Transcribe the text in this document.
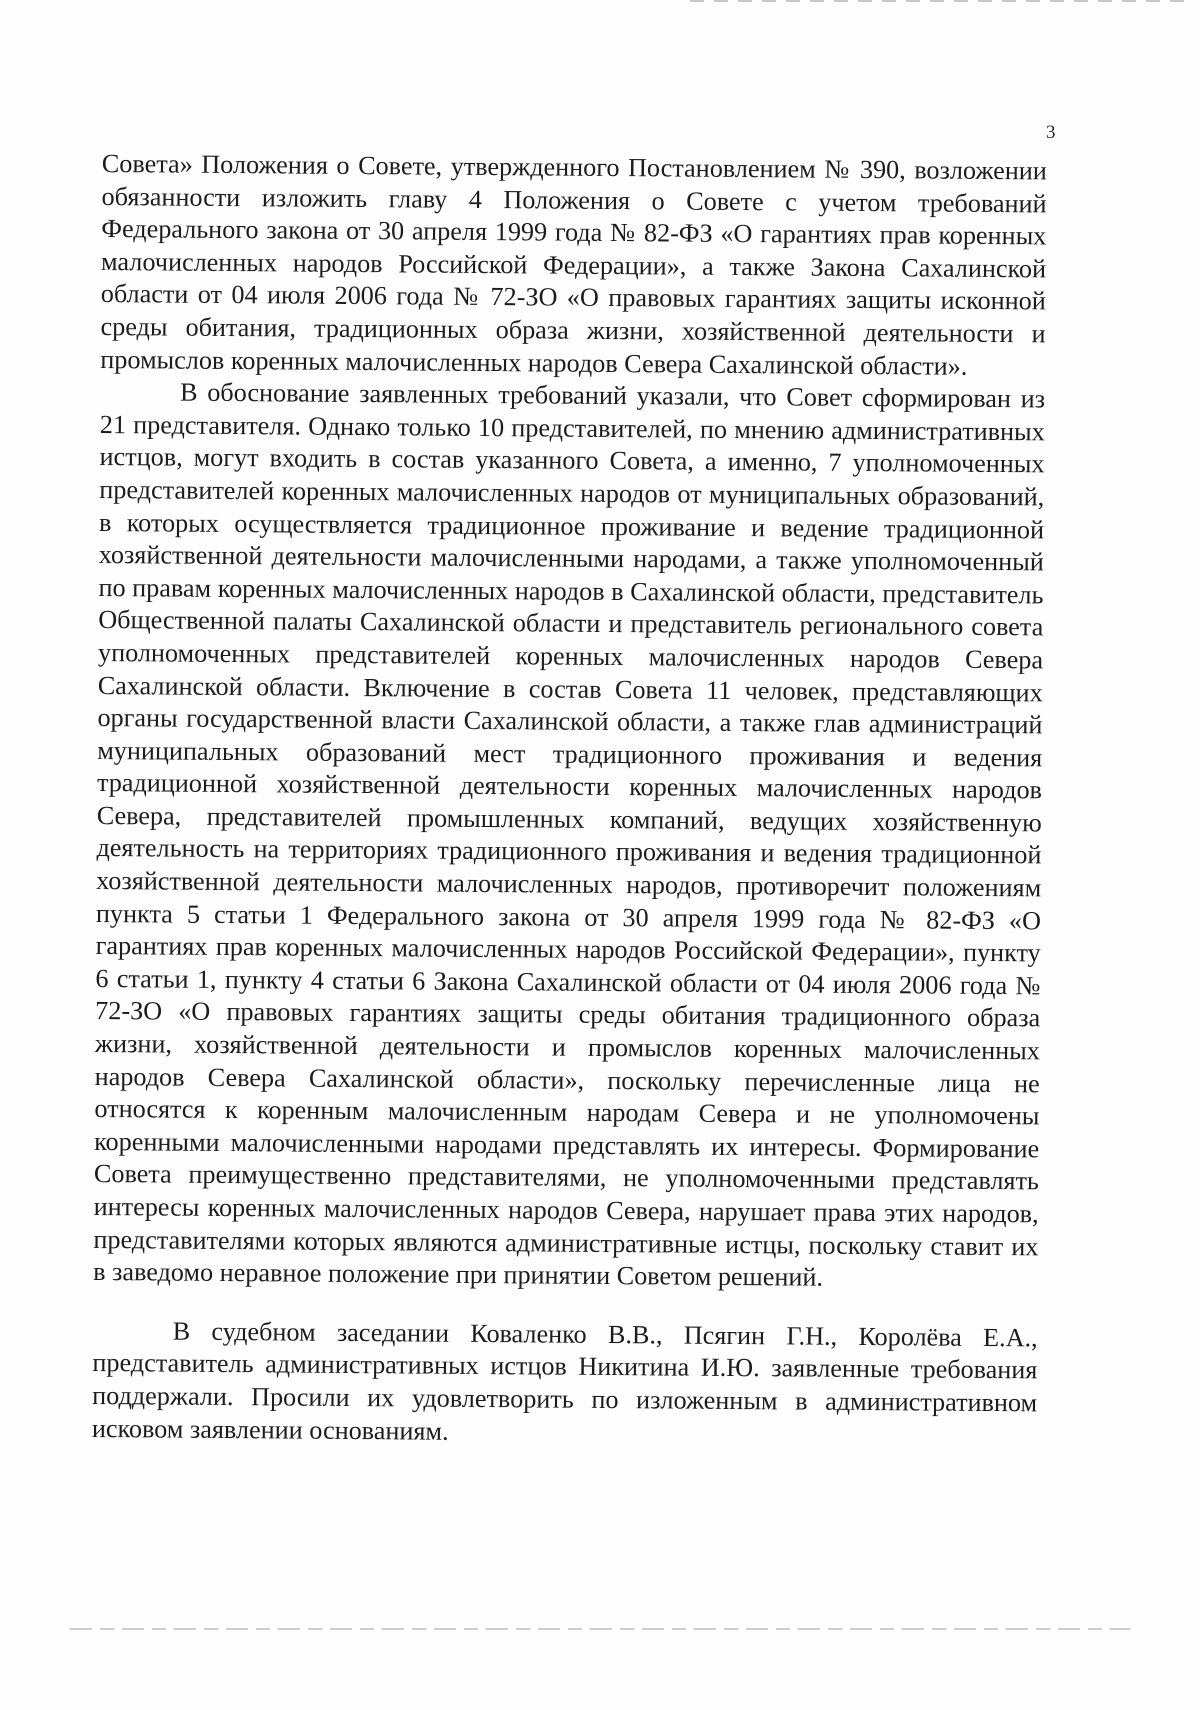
3

Совета» Положения о Совете, утвержденного Постановлением № 390, возложении обязанности изложить главу 4 Положения о Совете с учетом требований Федерального закона от 30 апреля 1999 года № 82-ФЗ «О гарантиях прав коренных малочисленных народов Российской Федерации», а также Закона Сахалинской области от 04 июля 2006 года № 72-ЗО «О правовых гарантиях защиты исконной среды обитания, традиционных образа жизни, хозяйственной деятельности и промыслов коренных малочисленных народов Севера Сахалинской области».

В обоснование заявленных требований указали, что Совет сформирован из 21 представителя. Однако только 10 представителей, по мнению административных истцов, могут входить в состав указанного Совета, а именно, 7 уполномоченных представителей коренных малочисленных народов от муниципальных образований, в которых осуществляется традиционное проживание и ведение традиционной хозяйственной деятельности малочисленными народами, а также уполномоченный по правам коренных малочисленных народов в Сахалинской области, представитель Общественной палаты Сахалинской области и представитель регионального совета уполномоченных представителей коренных малочисленных народов Севера Сахалинской области. Включение в состав Совета 11 человек, представляющих органы государственной власти Сахалинской области, а также глав администраций муниципальных образований мест традиционного проживания и ведения традиционной хозяйственной деятельности коренных малочисленных народов Севера, представителей промышленных компаний, ведущих хозяйственную деятельность на территориях традиционного проживания и ведения традиционной хозяйственной деятельности малочисленных народов, противоречит положениям пункта 5 статьи 1 Федерального закона от 30 апреля 1999 года № 82-ФЗ «О гарантиях прав коренных малочисленных народов Российской Федерации», пункту 6 статьи 1, пункту 4 статьи 6 Закона Сахалинской области от 04 июля 2006 года № 72-ЗО «О правовых гарантиях защиты среды обитания традиционного образа жизни, хозяйственной деятельности и промыслов коренных малочисленных народов Севера Сахалинской области», поскольку перечисленные лица не относятся к коренным малочисленным народам Севера и не уполномочены коренными малочисленными народами представлять их интересы. Формирование Совета преимущественно представителями, не уполномоченными представлять интересы коренных малочисленных народов Севера, нарушает права этих народов, представителями которых являются административные истцы, поскольку ставит их в заведомо неравное положение при принятии Советом решений.

В судебном заседании Коваленко В.В., Псягин Г.Н., Королёва Е.А., представитель административных истцов Никитина И.Ю. заявленные требования поддержали. Просили их удовлетворить по изложенным в административном исковом заявлении основаниям.
